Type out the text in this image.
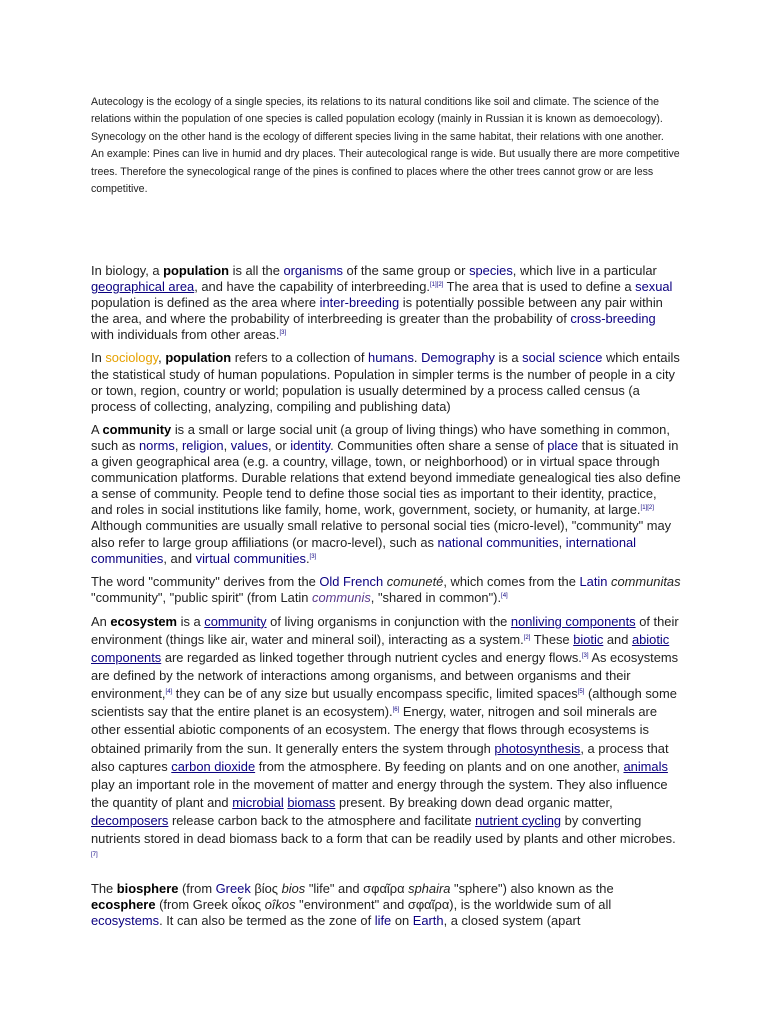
Autecology is the ecology of a single species, its relations to its natural conditions like soil and climate. The science of the relations within the population of one species is called population ecology (mainly in Russian it is known as demoecology).

Synecology on the other hand is the ecology of different species living in the same habitat, their relations with one another.

An example: Pines can live in humid and dry places. Their autecological range is wide. But usually there are more competitive trees. Therefore the synecological range of the pines is confined to places where the other trees cannot grow or are less competitive.

In biology, a population is all the organisms of the same group or species, which live in a particular geographical area, and have the capability of interbreeding.[1][2] The area that is used to define a sexual population is defined as the area where inter-breeding is potentially possible between any pair within the area, and where the probability of interbreeding is greater than the probability of cross-breeding with individuals from other areas.[3]

In sociology, population refers to a collection of humans. Demography is a social science which entails the statistical study of human populations. Population in simpler terms is the number of people in a city or town, region, country or world; population is usually determined by a process called census (a process of collecting, analyzing, compiling and publishing data)

A community is a small or large social unit (a group of living things) who have something in common, such as norms, religion, values, or identity. Communities often share a sense of place that is situated in a given geographical area (e.g. a country, village, town, or neighborhood) or in virtual space through communication platforms. Durable relations that extend beyond immediate genealogical ties also define a sense of community. People tend to define those social ties as important to their identity, practice, and roles in social institutions like family, home, work, government, society, or humanity, at large.[1][2] Although communities are usually small relative to personal social ties (micro-level), "community" may also refer to large group affiliations (or macro-level), such as national communities, international communities, and virtual communities.[3]

The word "community" derives from the Old French comuneté, which comes from the Latin communitas "community", "public spirit" (from Latin communis, "shared in common").[4]

An ecosystem is a community of living organisms in conjunction with the nonliving components of their environment (things like air, water and mineral soil), interacting as a system.[2] These biotic and abiotic components are regarded as linked together through nutrient cycles and energy flows.[3] As ecosystems are defined by the network of interactions among organisms, and between organisms and their environment,[4] they can be of any size but usually encompass specific, limited spaces[5] (although some scientists say that the entire planet is an ecosystem).[6] Energy, water, nitrogen and soil minerals are other essential abiotic components of an ecosystem. The energy that flows through ecosystems is obtained primarily from the sun. It generally enters the system through photosynthesis, a process that also captures carbon dioxide from the atmosphere. By feeding on plants and on one another, animals play an important role in the movement of matter and energy through the system. They also influence the quantity of plant and microbial biomass present. By breaking down dead organic matter, decomposers release carbon back to the atmosphere and facilitate nutrient cycling by converting nutrients stored in dead biomass back to a form that can be readily used by plants and other microbes.[7]

The biosphere (from Greek βίος bios "life" and σφαῖρα sphaira "sphere") also known as the ecosphere (from Greek οἶκος oîkos "environment" and σφαῖρα), is the worldwide sum of all ecosystems. It can also be termed as the zone of life on Earth, a closed system (apart
